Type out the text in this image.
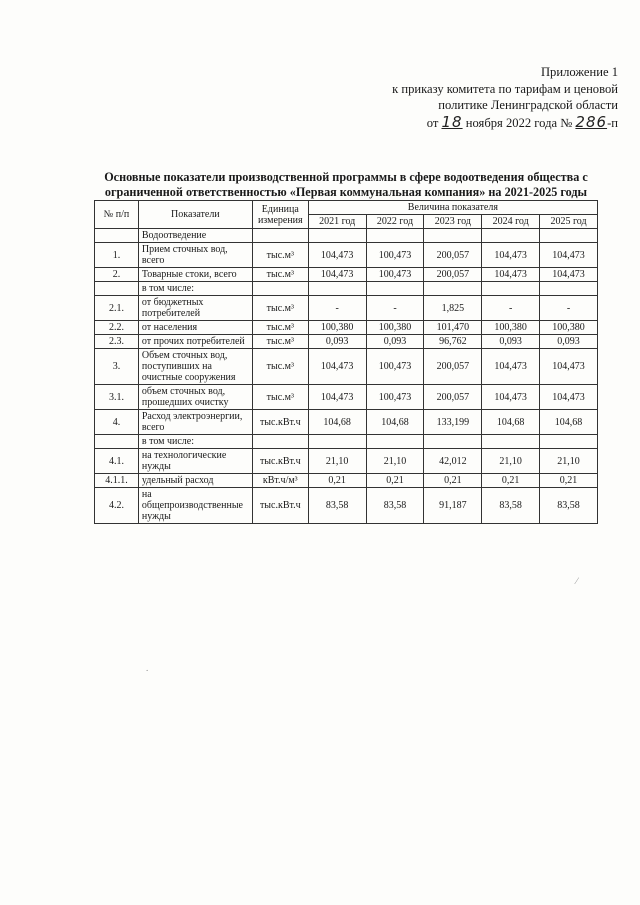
Приложение 1
к приказу комитета по тарифам и ценовой
политике Ленинградской области
от 18 ноября 2022 года № 286-п
Основные показатели производственной программы в сфере водоотведения общества с
ограниченной ответственностью «Первая коммунальная компания» на 2021-2025 годы
№ п/п	Показатели	Единица измерения	Величина показателя				
			2021 год	2022 год	2023 год	2024 год	2025 год
	Водоотведение						
1.	Прием сточных вод, всего	тыс.м³	104,473	100,473	200,057	104,473	104,473
2.	Товарные стоки, всего	тыс.м³	104,473	100,473	200,057	104,473	104,473
	в том числе:						
2.1.	от бюджетных потребителей	тыс.м³	-	-	1,825	-	-
2.2.	от населения	тыс.м³	100,380	100,380	101,470	100,380	100,380
2.3.	от прочих потребителей	тыс.м³	0,093	0,093	96,762	0,093	0,093
3.	Объем сточных вод, поступивших на очистные сооружения	тыс.м³	104,473	100,473	200,057	104,473	104,473
3.1.	объем сточных вод, прошедших очистку	тыс.м³	104,473	100,473	200,057	104,473	104,473
4.	Расход электроэнергии, всего	тыс.кВт.ч	104,68	104,68	133,199	104,68	104,68
	в том числе:						
4.1.	на технологические нужды	тыс.кВт.ч	21,10	21,10	42,012	21,10	21,10
4.1.1.	удельный расход	кВт.ч/м³	0,21	0,21	0,21	0,21	0,21
4.2.	на общепроизводственные нужды	тыс.кВт.ч	83,58	83,58	91,187	83,58	83,58
.
⁄
